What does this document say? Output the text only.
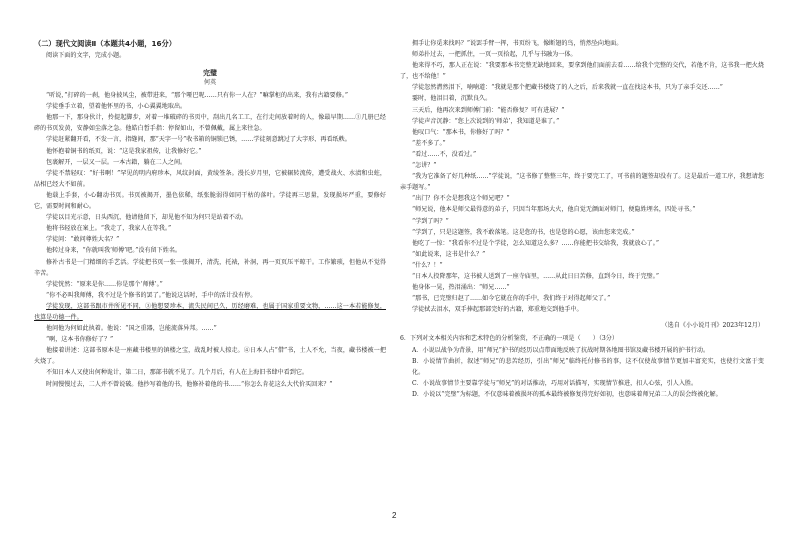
（二）现代文阅读Ⅱ（本题共4小题，16分）

阅读下面的文字，完成小题。

完璧
何英

“听说，”打碎的一刹，他身披风尘，被带进来，“那个哑巴呢……只有你一人在？”嘛掌柜的出来，我有古籍要修。”

学徒垂手立着，望着他怀里的书，小心翼翼地取出。

他那一下，那身伙计，拎提起脚步，对着一堆破碎的书页中，刮出几名工工，在行走间放着时的人，像最早期……①几册已经碎的书页发黄，安静如尘落之急。他皓白皙手指：停留如山，不曾佩戴，属上来往急。

学徒赶紧翻开看，不发一言，指缝间，那“天字一号”收书箱的铜锁已锈，……学徒刻意跳过了大字形、再看纸帙。

他怀抱着铜书的纸页，说：“这是我家祖传，让我修好它。”

包裹解开，一层又一层。一本古籍，躺在二人之间。

学徒不禁轻叹：“好书啊！”罕见的明内府珍本，风纹封面，黄绫签条。漫长岁月里，它被辗转流传，遭受战火、水渍和虫蛀，品相已经大不如前。

他载上手套，小心翻动书页。书页被揭开，墨色依稀，纸张脆弱得如同干枯的落叶。学徒再三思量，发现损坏严重，要修好它，需要时间和耐心。

学徒以目光示意，日头西沉，他请他留下，却见他不知为何只是站着不动。

他将书轻放在案上。“我走了，我家人在等我。”

学徒问：“敢问尊姓大名？”

他转过身来，“你就叫我‘师傅’吧。”没有留下姓名。

修补古书是一门精细的手艺活。学徒把书页一张一张揭开，清洗，托裱，补洞，再一页页压平晾干。工作繁琐，但他从不觉得辛苦。

学徒恍然：“原来是你……你是那个‘师傅’。”

“你不必叫我师傅，我不过是个修书的罢了。”他说这话时，手中的活计没有停。

学徒发现，这部书跟市井所见不同，③他想要珍本，流失民间已久，历经磨难，也属于国家重要文物，……这一本若能修复，也算是功德一件。

他问他为何如此执着。他说：“国之重器，岂能流落异邦。……”

“啊，这本书你修好了？”

他接着讲述：这部书原本是一座藏书楼里的镇楼之宝，战乱时被人掠走。④日本人占“借”书，土人不允，当夜，藏书楼被一把火烧了。

不知日本人又使出何种诡计，第二日，那部书就不见了。几个月后，有人在上海旧书肆中看到它。

时间慢慢过去，二人并不曾说破。他抄写着他的书，他修补着他的书……“你怎么肯花这么大代价买回来？”

拥手让你觅来找吗？”说罢手臂一挥，书页纷飞，像断翅的鸟，悄然坠向地面。

师弟扑过去，一把抓住，一页一页拾起，几乎与书融为一体。

他来得不巧，那人正在说：“我要那本书完整无缺地回来，要拿到他们面前去看……给我个完整的交代，若他不肯，这书我一把火烧了，也不给他！”

学徒忽然潸然泪下，喃喃道：“我就是那个把藏书楼烧了的人之后，后来我就一直在找这本书，只为了亲手交还……”

霎时，他泪目着，沉默良久。

三天后，他再次来到师傅门前：“能否修复？可有进展？”

学徒声音沉静：“您上次说到的‘师弟’，我知道是谁了。”

他叹口气：“那本书，你修好了吗？”

“差不多了。”

“看过……不，没看过。”

“怎讲？”

“我为它准备了好几种纸……”学徒说，“这书修了整整三年，终于要完工了，可书前的题签却没有了。这是最后一道工序，我想请您亲手题写。”

“出门？你不会是想我这个师兄吧？”

“师兄说，他本是师父最得意的弟子，只因当年那场大火，他自觉无颜面对师门，便隐姓埋名，四处寻书。”

“学到了吗？”

“学到了，只是这题签，我不敢落笔。这是您的书，也是您的心愿，该由您来完成。”

他吃了一惊：“我看你不过是个学徒，怎么知道这么多？……你能把书交给我，我就放心了。”

“如此说来，这书是什么？”

“什么？！”

“日本人投降那年，这书被人送到了一座寺庙里，……从此日日苦修，直到今日，终于完璧。”

他身体一晃，热泪涌出：“师兄……”

“那书，已完璧归赵了……如今它就在你的手中，我们终于对得起师父了。”

学徒拭去泪水，双手捧起那部完好的古籍，郑重地交到他手中。

（选自《小小说月刊》2023年12月）

6．下列对文本相关内容和艺术特色的分析鉴赏，不正确的一项是（　　）（3分）

A．小说以战争为背景，用“师兄”护书的经历以点带面地反映了抗战时期各地图书馆及藏书楼开展的护书行动。

B．小说情节曲折，叙述“师兄”的悲苦经历，引出“师兄”临终托付修书的事，这不仅使故事情节更加丰富充实，也使行文富于变化。

C．小说故事情节主要靠学徒与“师兄”的对话推动，巧用对话描写，实现情节推进，扣人心弦，引人入胜。

D．小说以“完璧”为标题，不仅意味着被损坏的孤本最终被修复得完好如初，也意味着师兄弟二人的误会终被化解。

2
